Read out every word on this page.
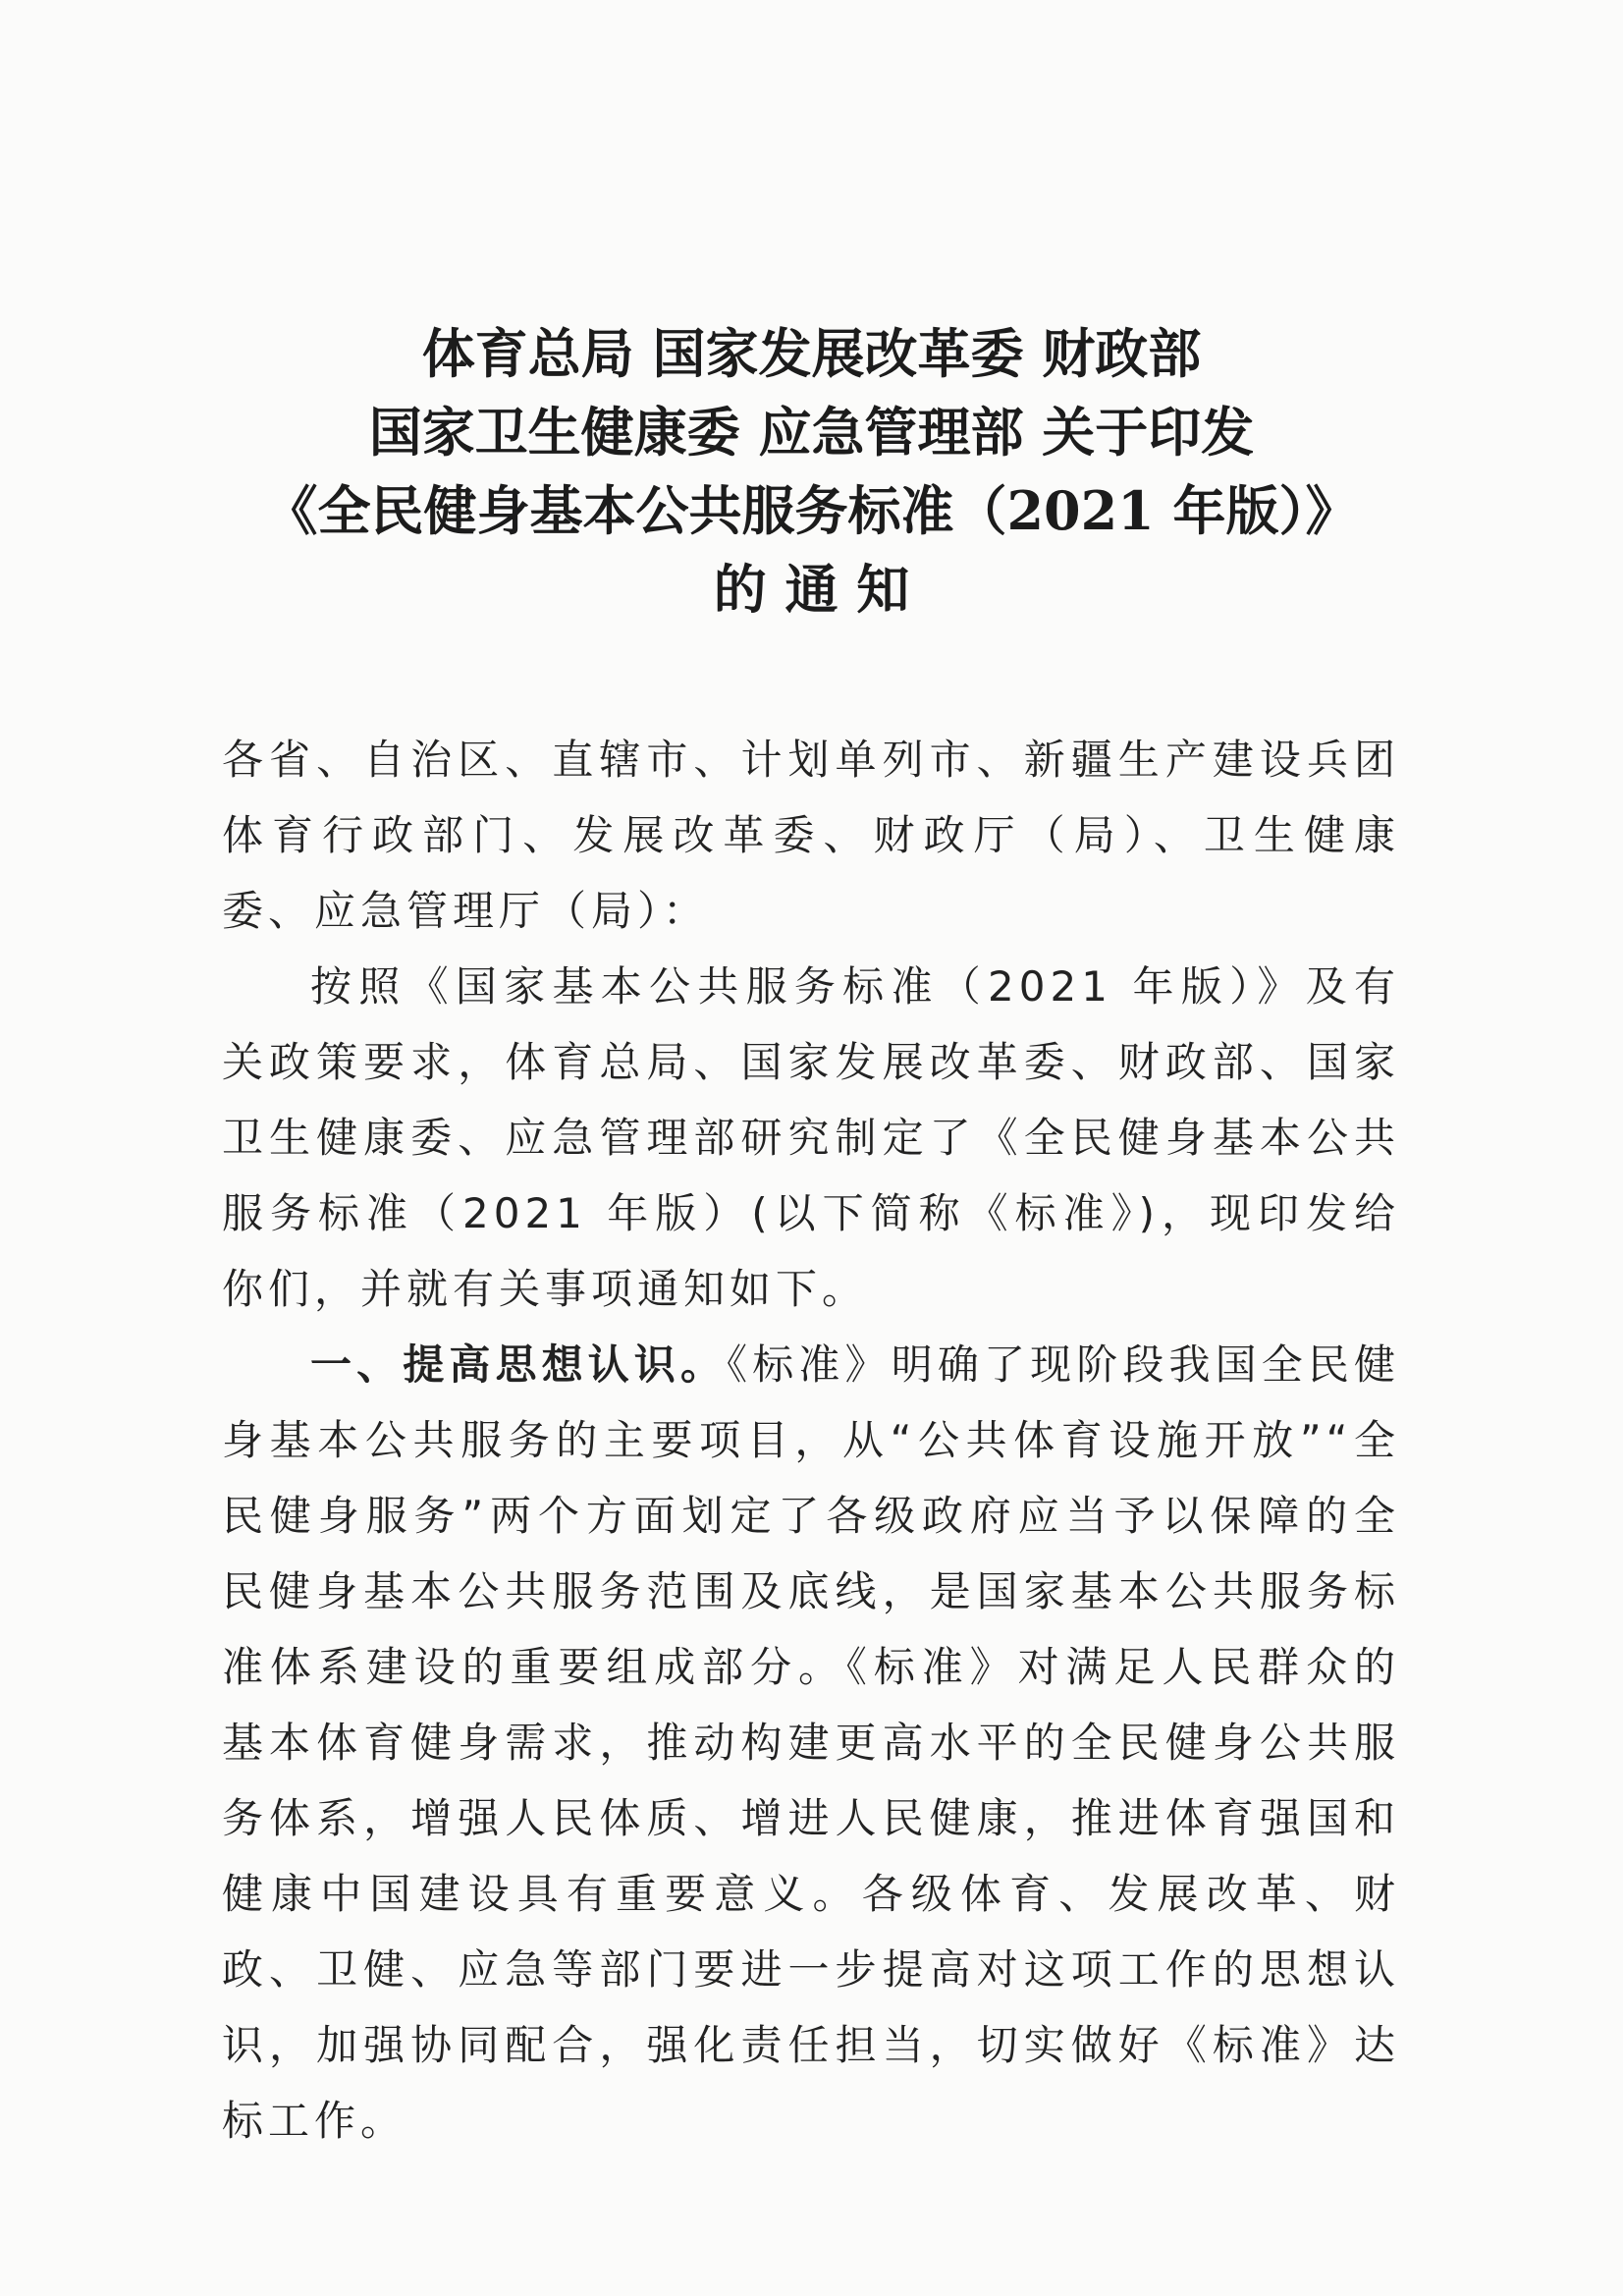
体育总局 国家发展改革委 财政部
国家卫生健康委 应急管理部 关于印发
《全民健身基本公共服务标准（2021 年版）》
的 通 知

各省、自治区、直辖市、计划单列市、新疆生产建设兵团体育行政部门、发展改革委、财政厅（局）、卫生健康委、应急管理厅（局）：

按照《国家基本公共服务标准（2021 年版）》及有关政策要求，体育总局、国家发展改革委、财政部、国家卫生健康委、应急管理部研究制定了《全民健身基本公共服务标准（2021 年版）(以下简称《标准》)，现印发给你们，并就有关事项通知如下。

一、提高思想认识。《标准》明确了现阶段我国全民健身基本公共服务的主要项目，从“公共体育设施开放”“全民健身服务”两个方面划定了各级政府应当予以保障的全民健身基本公共服务范围及底线，是国家基本公共服务标准体系建设的重要组成部分。《标准》对满足人民群众的基本体育健身需求，推动构建更高水平的全民健身公共服务体系，增强人民体质、增进人民健康，推进体育强国和健康中国建设具有重要意义。各级体育、发展改革、财政、卫健、应急等部门要进一步提高对这项工作的思想认识，加强协同配合，强化责任担当，切实做好《标准》达标工作。
